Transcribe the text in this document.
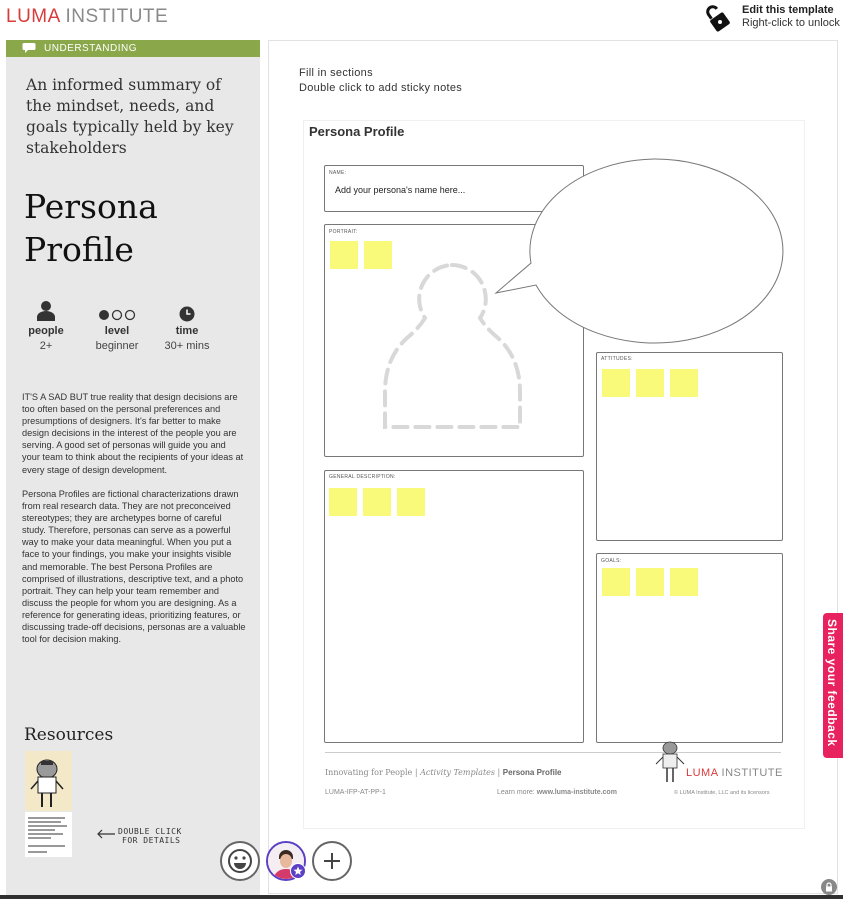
LUMA INSTITUTE	Edit this template
Right-click to unlock
UNDERSTANDING
An informed summary of the mindset, needs, and goals typically held by key stakeholders
Persona
Profile
people
2+
level
beginner
time
30+ mins
IT'S A SAD BUT true reality that design decisions are too often based on the personal preferences and presumptions of designers. It's far better to make design decisions in the interest of the people you are serving. A good set of personas will guide you and your team to think about the recipients of your ideas at every stage of design development.
Persona Profiles are fictional characterizations drawn from real research data. They are not preconceived stereotypes; they are archetypes borne of careful study. Therefore, personas can serve as a powerful way to make your data meaningful. When you put a face to your findings, you make your insights visible and memorable. The best Persona Profiles are comprised of illustrations, descriptive text, and a photo portrait. They can help your team remember and discuss the people for whom you are designing. As a reference for generating ideas, prioritizing features, or discussing trade-off decisions, personas are a valuable tool for decision making.
Resources
DOUBLE CLICK
FOR DETAILS
Fill in sections
Double click to add sticky notes
Persona Profile
NAME:
Add your persona's name here...
PORTRAIT:
ATTITUDES:
GENERAL DESCRIPTION:
GOALS:
Innovating for People | Activity Templates | Persona Profile	LUMA INSTITUTE
LUMA-IFP-AT-PP-1	Learn more: www.luma-institute.com	© LUMA Institute, LLC and its licensors
Share your feedback
